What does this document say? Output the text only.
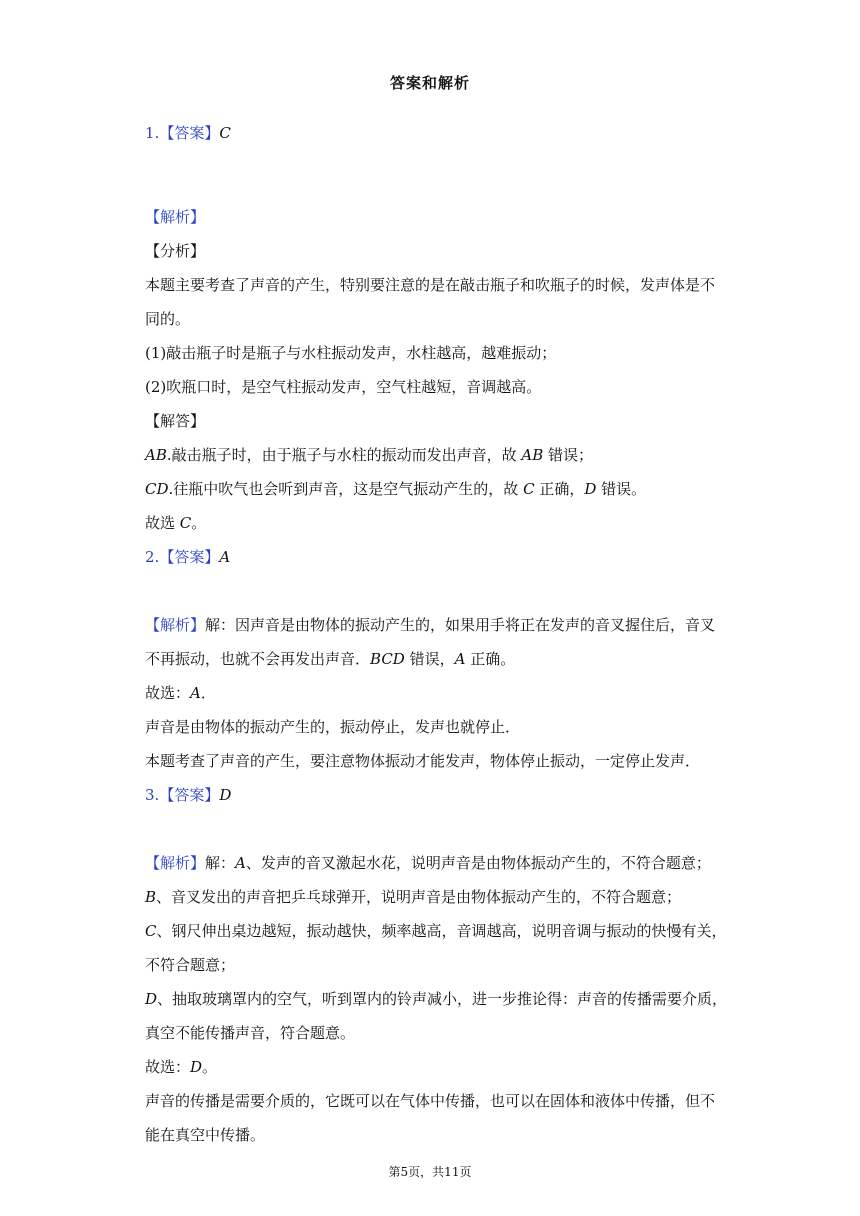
答案和解析
1.【答案】C
【解析】
【分析】
本题主要考查了声音的产生，特别要注意的是在敲击瓶子和吹瓶子的时候，发声体是不
同的。
(1)敲击瓶子时是瓶子与水柱振动发声，水柱越高，越难振动；
(2)吹瓶口时，是空气柱振动发声，空气柱越短，音调越高。
【解答】
AB.敲击瓶子时，由于瓶子与水柱的振动而发出声音，故 AB 错误；
CD.往瓶中吹气也会听到声音，这是空气振动产生的，故 C 正确，D 错误。
故选 C。
2.【答案】A
【解析】解：因声音是由物体的振动产生的，如果用手将正在发声的音叉握住后，音叉
不再振动，也就不会再发出声音．BCD 错误，A 正确。
故选：A．
声音是由物体的振动产生的，振动停止，发声也就停止．
本题考查了声音的产生，要注意物体振动才能发声，物体停止振动，一定停止发声．
3.【答案】D
【解析】解：A、发声的音叉激起水花，说明声音是由物体振动产生的，不符合题意；
B、音叉发出的声音把乒乓球弹开，说明声音是由物体振动产生的，不符合题意；
C、钢尺伸出桌边越短，振动越快，频率越高，音调越高，说明音调与振动的快慢有关，
不符合题意；
D、抽取玻璃罩内的空气，听到罩内的铃声减小，进一步推论得：声音的传播需要介质，
真空不能传播声音，符合题意。
故选：D。
声音的传播是需要介质的，它既可以在气体中传播，也可以在固体和液体中传播，但不
能在真空中传播。
第5页，共11页
